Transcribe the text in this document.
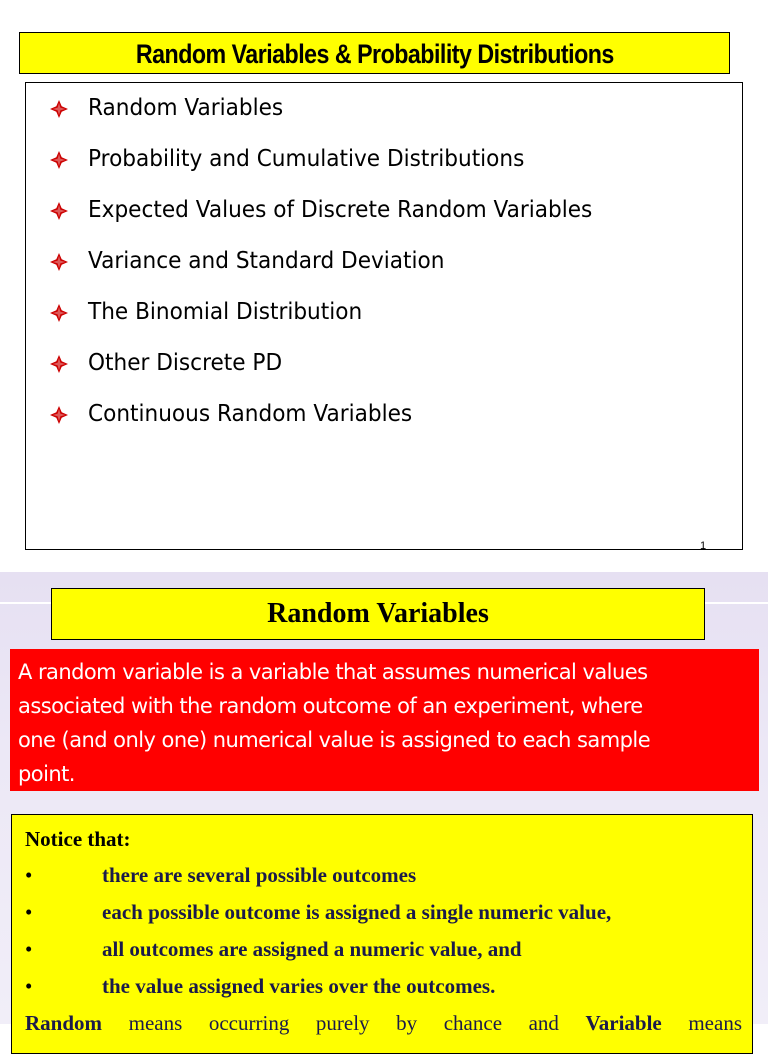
Random Variables & Probability Distributions
Random Variables
Probability and Cumulative Distributions
Expected Values of Discrete Random Variables
Variance and Standard Deviation
The Binomial Distribution
Other Discrete PD
Continuous Random Variables
1
Random Variables
A random variable is a variable that assumes numerical values
associated with the random outcome of an experiment, where
one (and only one) numerical value is assigned to each sample
point.
Notice that:
•	there are several possible outcomes
•	each possible outcome is assigned a single numeric value,
•	all outcomes are assigned a numeric value, and
•	the value assigned varies over the outcomes.
Random means occurring purely by chance and Variable means
